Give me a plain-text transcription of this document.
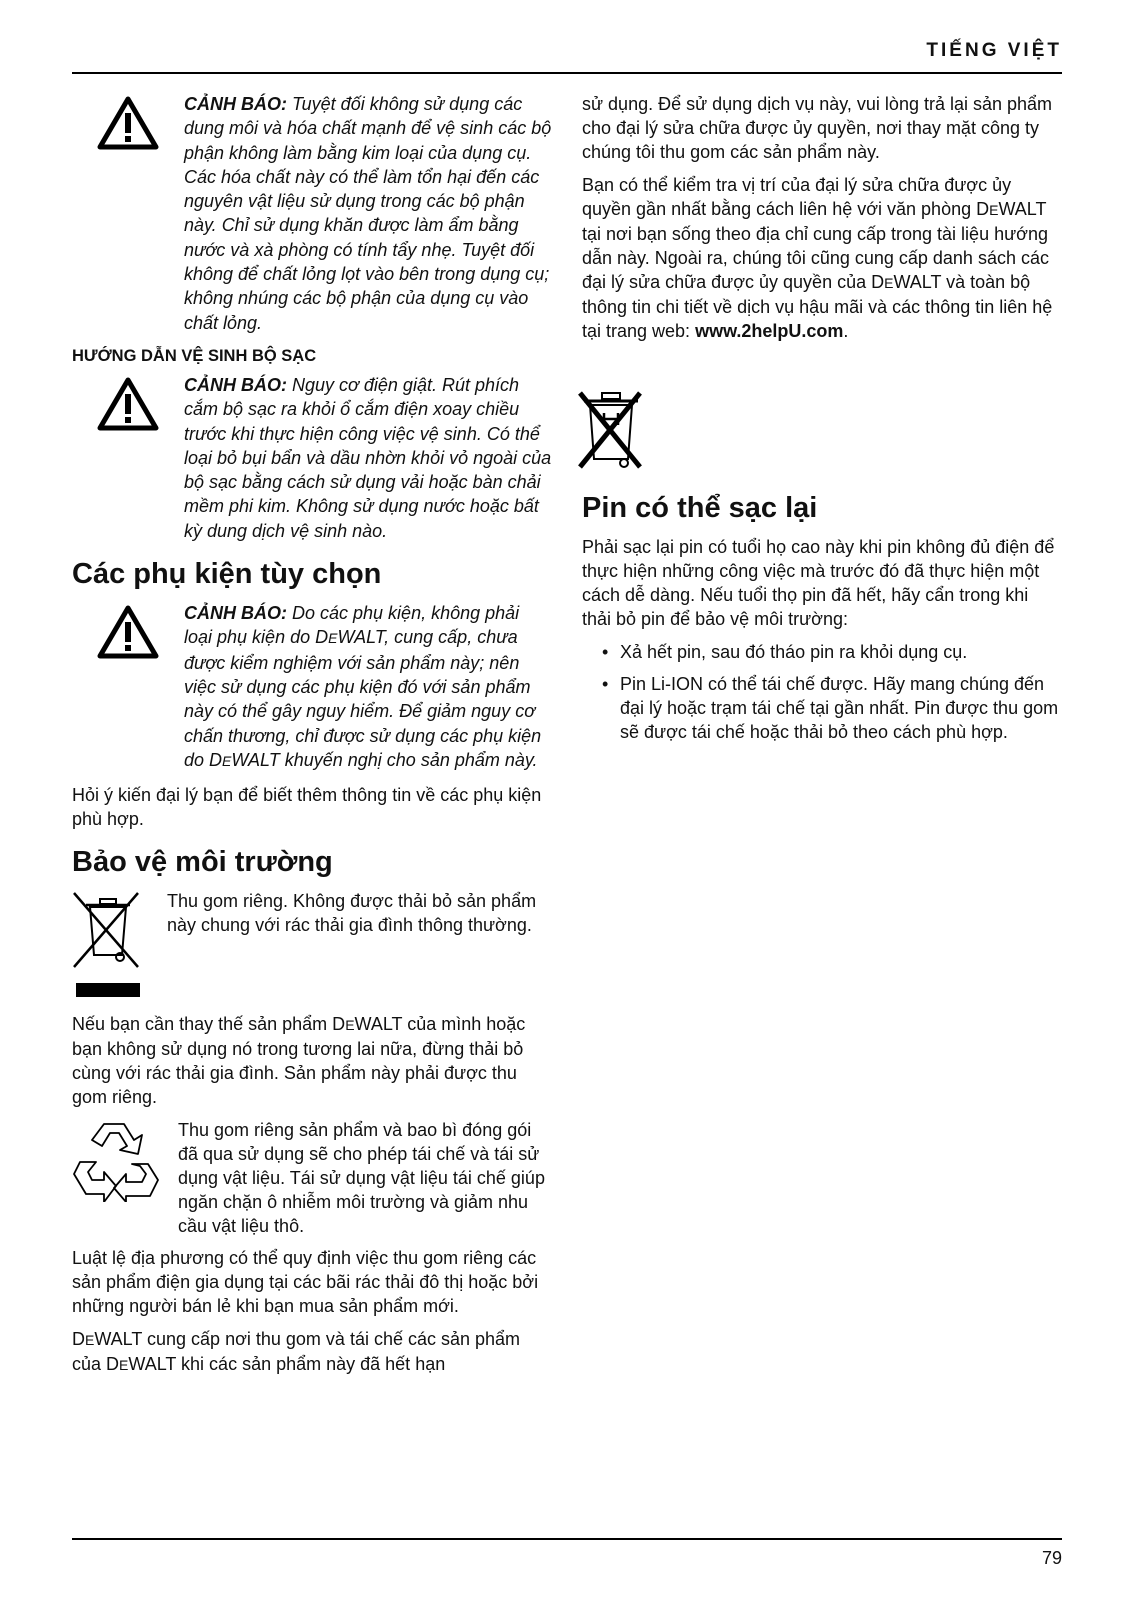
TIẾNG VIỆT
CẢNH BÁO: Tuyệt đối không sử dụng các dung môi và hóa chất mạnh để vệ sinh các bộ phận không làm bằng kim loại của dụng cụ. Các hóa chất này có thể làm tổn hại đến các nguyên vật liệu sử dụng trong các bộ phận này. Chỉ sử dụng khăn được làm ẩm bằng nước và xà phòng có tính tẩy nhẹ. Tuyệt đối không để chất lỏng lọt vào bên trong dụng cụ; không nhúng các bộ phận của dụng cụ vào chất lỏng.
HƯỚNG DẪN VỆ SINH BỘ SẠC
CẢNH BÁO: Nguy cơ điện giật. Rút phích cắm bộ sạc ra khỏi ổ cắm điện xoay chiều trước khi thực hiện công việc vệ sinh. Có thể loại bỏ bụi bẩn và dầu nhờn khỏi vỏ ngoài của bộ sạc bằng cách sử dụng vải hoặc bàn chải mềm phi kim. Không sử dụng nước hoặc bất kỳ dung dịch vệ sinh nào.
Các phụ kiện tùy chọn
CẢNH BÁO: Do các phụ kiện, không phải loại phụ kiện do DEWALT, cung cấp, chưa được kiểm nghiệm với sản phẩm này; nên việc sử dụng các phụ kiện đó với sản phẩm này có thể gây nguy hiểm. Để giảm nguy cơ chấn thương, chỉ được sử dụng các phụ kiện do DEWALT khuyến nghị cho sản phẩm này.

Hỏi ý kiến đại lý bạn để biết thêm thông tin về các phụ kiện phù hợp.

Bảo vệ môi trường

Thu gom riêng. Không được thải bỏ sản phẩm này chung với rác thải gia đình thông thường.

Nếu bạn cần thay thế sản phẩm DEWALT của mình hoặc bạn không sử dụng nó trong tương lai nữa, đừng thải bỏ cùng với rác thải gia đình. Sản phẩm này phải được thu gom riêng.

Thu gom riêng sản phẩm và bao bì đóng gói đã qua sử dụng sẽ cho phép tái chế và tái sử dụng vật liệu. Tái sử dụng vật liệu tái chế giúp ngăn chặn ô nhiễm môi trường và giảm nhu cầu vật liệu thô.

Luật lệ địa phương có thể quy định việc thu gom riêng các sản phẩm điện gia dụng tại các bãi rác thải đô thị hoặc bởi những người bán lẻ khi bạn mua sản phẩm mới.

DEWALT cung cấp nơi thu gom và tái chế các sản phẩm của DEWALT khi các sản phẩm này đã hết hạn

sử dụng. Để sử dụng dịch vụ này, vui lòng trả lại sản phẩm cho đại lý sửa chữa được ủy quyền, nơi thay mặt công ty chúng tôi thu gom các sản phẩm này.

Bạn có thể kiểm tra vị trí của đại lý sửa chữa được ủy quyền gần nhất bằng cách liên hệ với văn phòng DEWALT tại nơi bạn sống theo địa chỉ cung cấp trong tài liệu hướng dẫn này. Ngoài ra, chúng tôi cũng cung cấp danh sách các đại lý sửa chữa được ủy quyền của DEWALT và toàn bộ thông tin chi tiết về dịch vụ hậu mãi và các thông tin liên hệ tại trang web: www.2helpU.com.

Pin có thể sạc lại

Phải sạc lại pin có tuổi họ cao này khi pin không đủ điện để thực hiện những công việc mà trước đó đã thực hiện một cách dễ dàng. Nếu tuổi thọ pin đã hết, hãy cẩn trong khi thải bỏ pin để bảo vệ môi trường:

• Xả hết pin, sau đó tháo pin ra khỏi dụng cụ.
• Pin Li-ION có thể tái chế được. Hãy mang chúng đến đại lý hoặc trạm tái chế tại gần nhất. Pin được thu gom sẽ được tái chế hoặc thải bỏ theo cách phù hợp.
79
